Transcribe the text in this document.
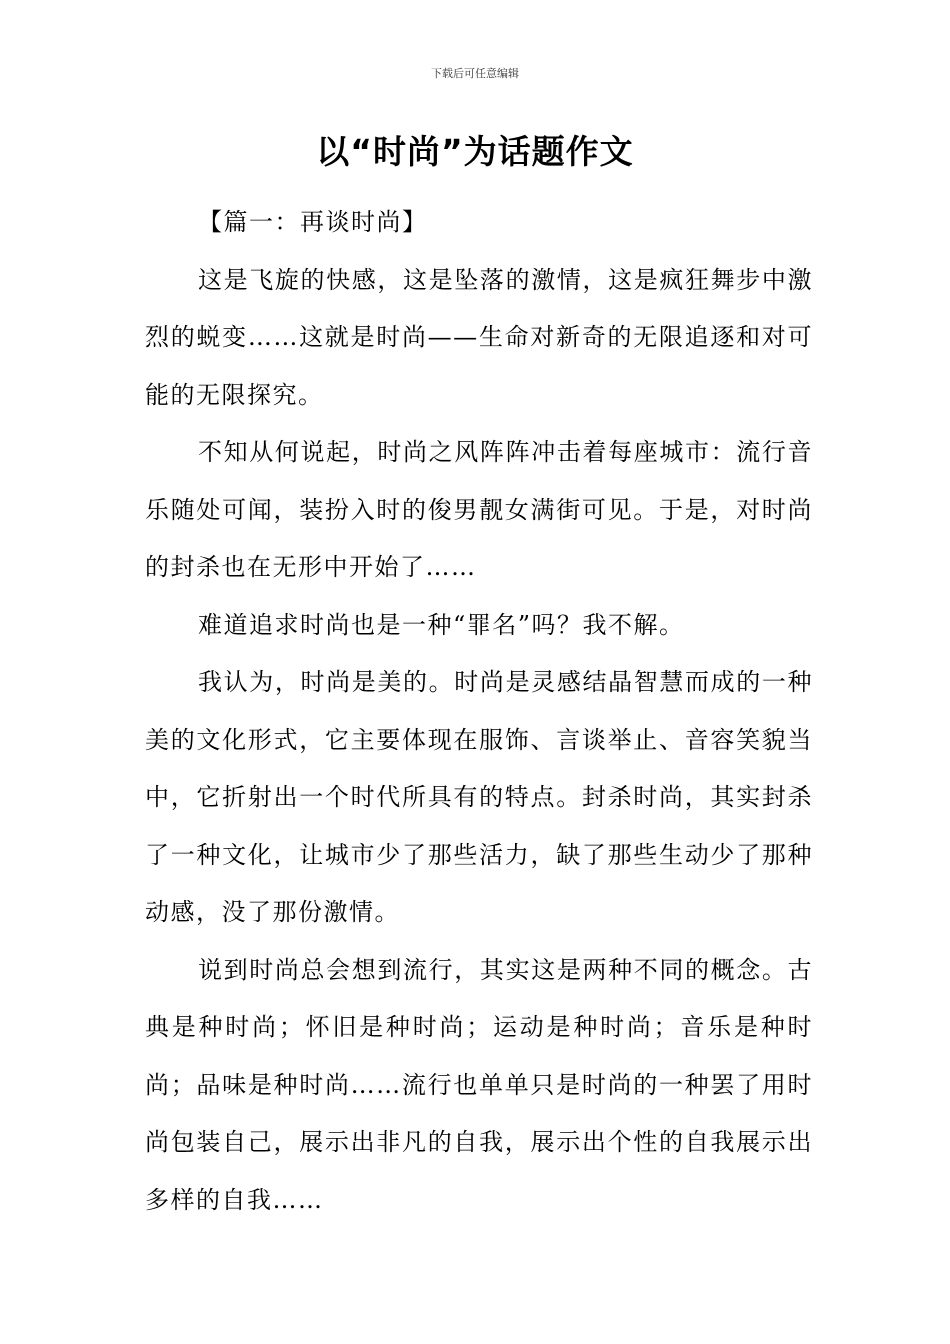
下载后可任意编辑
以“时尚”为话题作文

【篇一：再谈时尚】

这是飞旋的快感，这是坠落的激情，这是疯狂舞步中激烈的蜕变……这就是时尚——生命对新奇的无限追逐和对可能的无限探究。

不知从何说起，时尚之风阵阵冲击着每座城市：流行音乐随处可闻，装扮入时的俊男靓女满街可见。于是，对时尚的封杀也在无形中开始了……

难道追求时尚也是一种“罪名”吗？我不解。

我认为，时尚是美的。时尚是灵感结晶智慧而成的一种美的文化形式，它主要体现在服饰、言谈举止、音容笑貌当中，它折射出一个时代所具有的特点。封杀时尚，其实封杀了一种文化，让城市少了那些活力，缺了那些生动少了那种动感，没了那份激情。

说到时尚总会想到流行，其实这是两种不同的概念。古典是种时尚；怀旧是种时尚；运动是种时尚；音乐是种时尚；品味是种时尚……流行也单单只是时尚的一种罢了用时尚包装自己，展示出非凡的自我，展示出个性的自我展示出多样的自我……
